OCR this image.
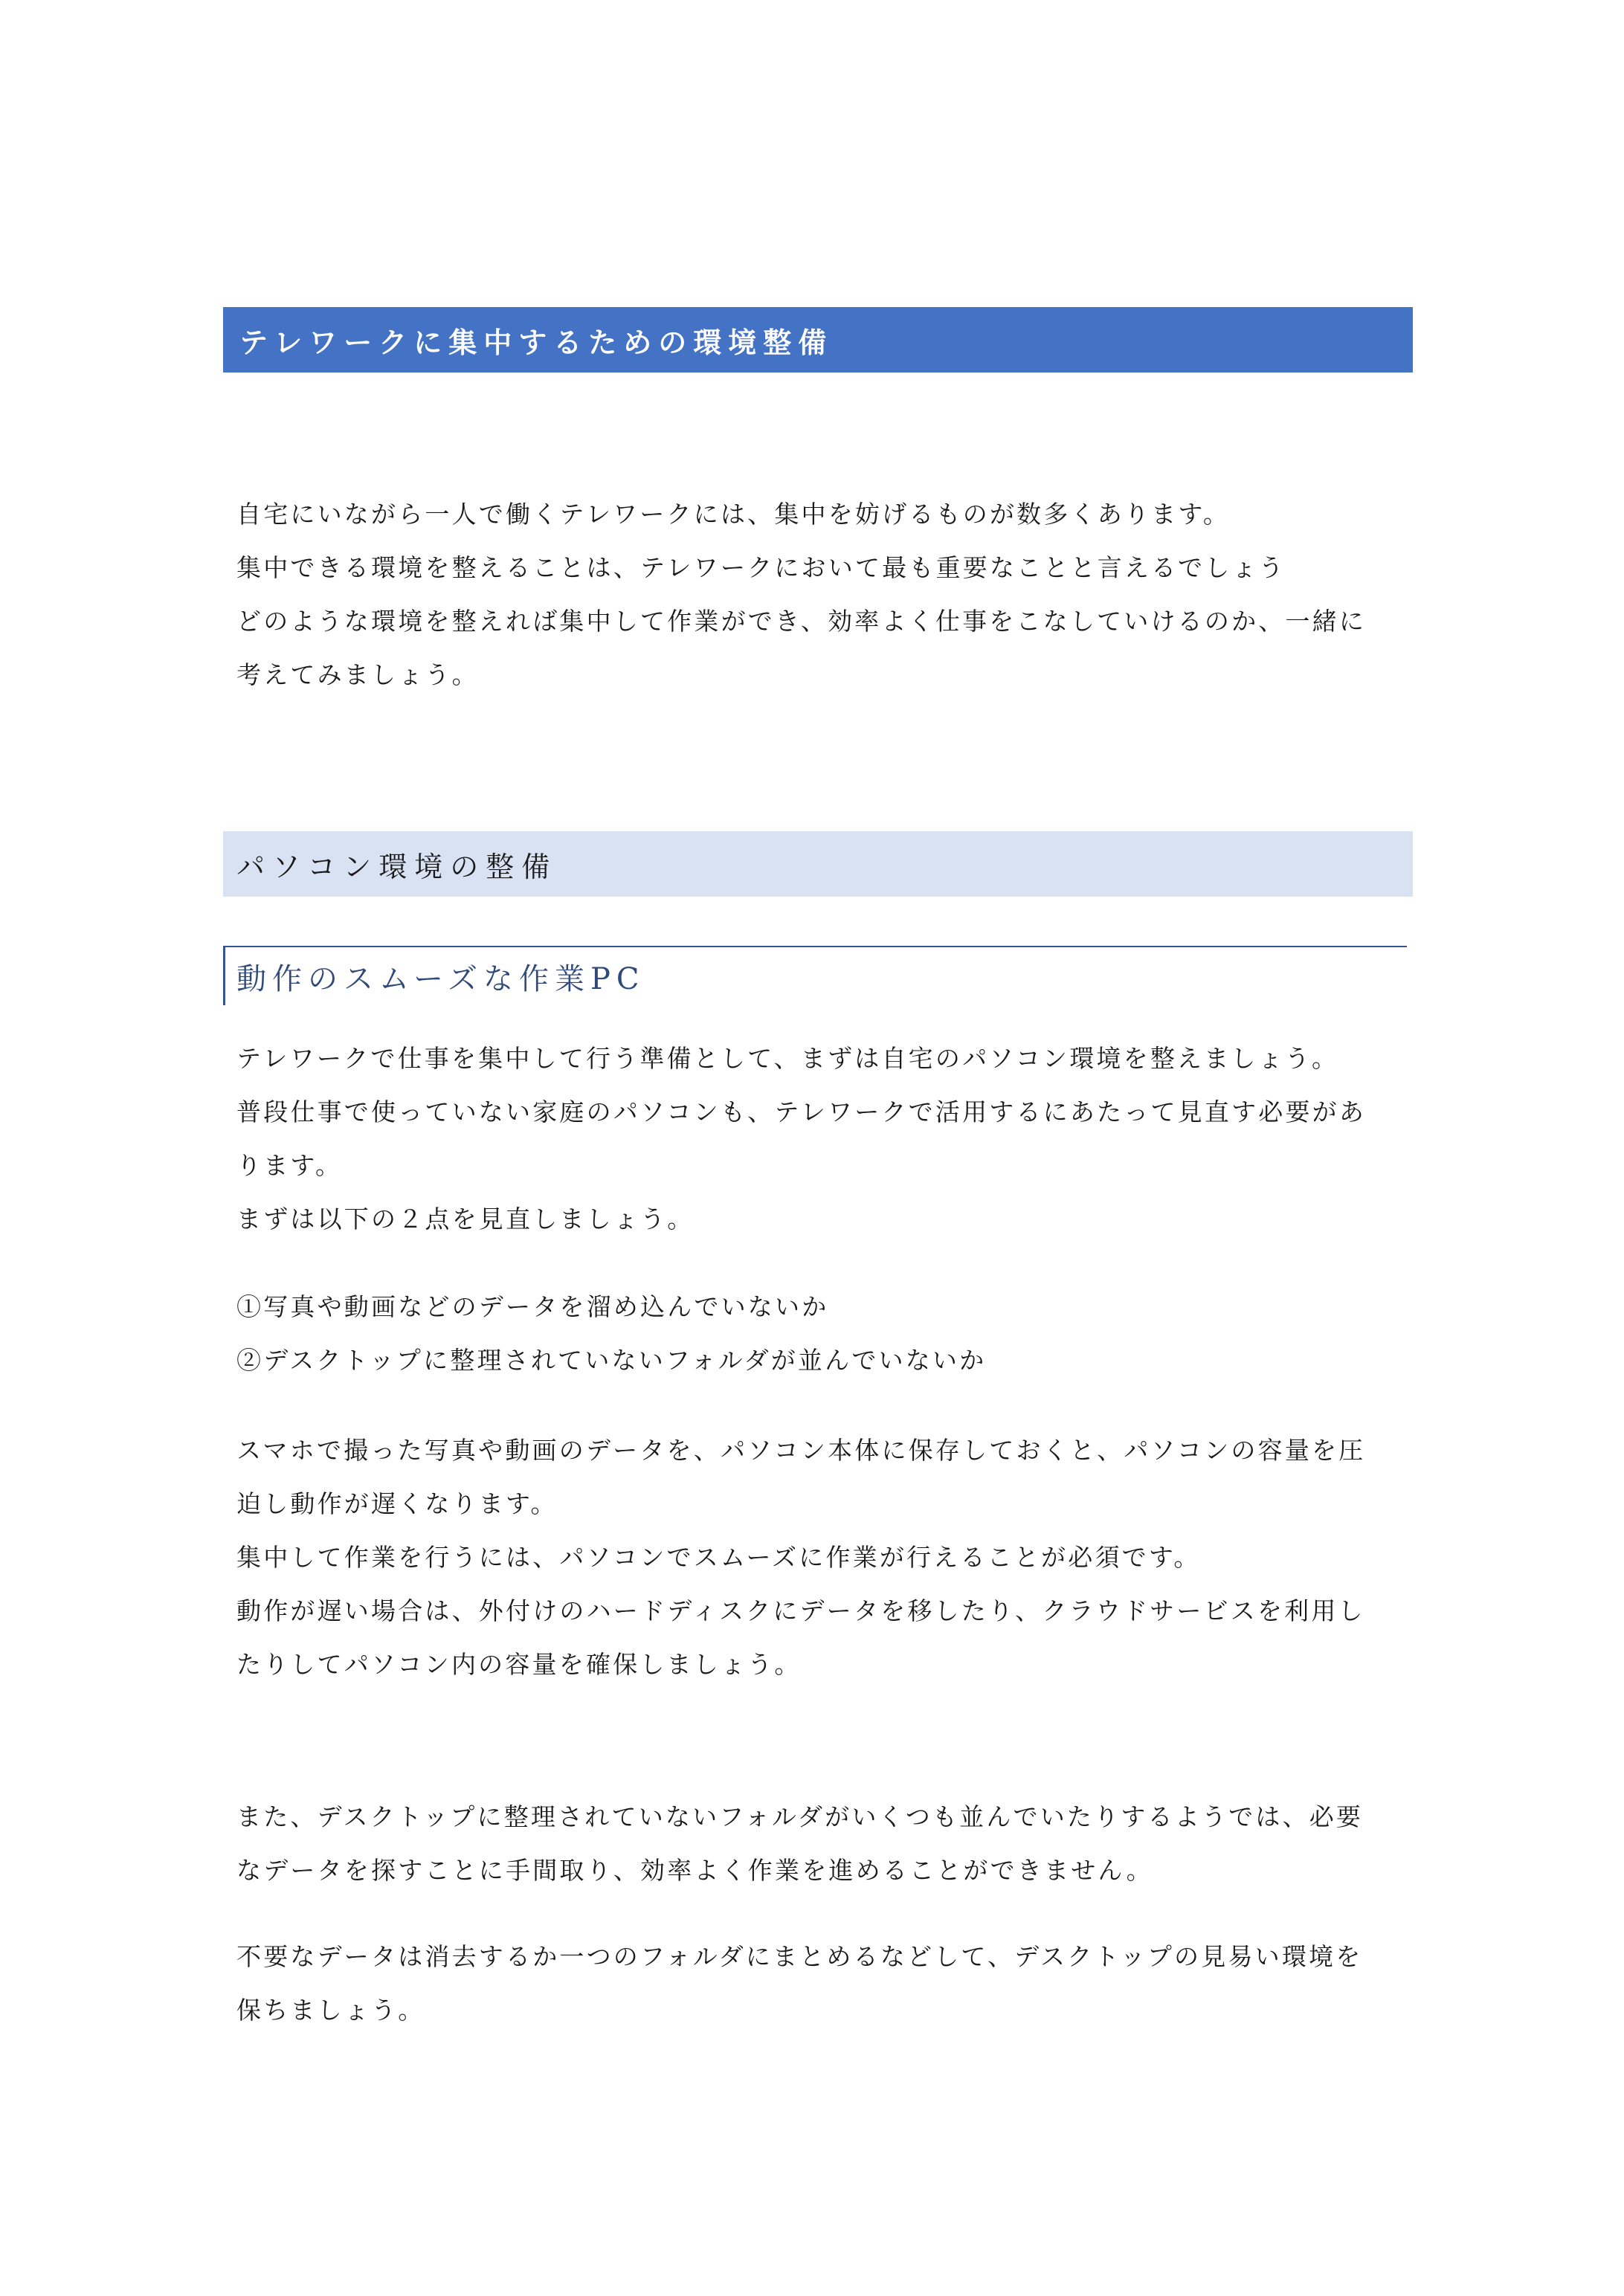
テレワークに集中するための環境整備
自宅にいながら一人で働くテレワークには、集中を妨げるものが数多くあります。
集中できる環境を整えることは、テレワークにおいて最も重要なことと言えるでしょう
どのような環境を整えれば集中して作業ができ、効率よく仕事をこなしていけるのか、一緒に
考えてみましょう。
パソコン環境の整備
動作のスムーズな作業PC
テレワークで仕事を集中して行う準備として、まずは自宅のパソコン環境を整えましょう。
普段仕事で使っていない家庭のパソコンも、テレワークで活用するにあたって見直す必要があ
ります。
まずは以下の２点を見直しましょう。
①写真や動画などのデータを溜め込んでいないか
②デスクトップに整理されていないフォルダが並んでいないか
スマホで撮った写真や動画のデータを、パソコン本体に保存しておくと、パソコンの容量を圧
迫し動作が遅くなります。
集中して作業を行うには、パソコンでスムーズに作業が行えることが必須です。
動作が遅い場合は、外付けのハードディスクにデータを移したり、クラウドサービスを利用し
たりしてパソコン内の容量を確保しましょう。
また、デスクトップに整理されていないフォルダがいくつも並んでいたりするようでは、必要
なデータを探すことに手間取り、効率よく作業を進めることができません。
不要なデータは消去するか一つのフォルダにまとめるなどして、デスクトップの見易い環境を
保ちましょう。
